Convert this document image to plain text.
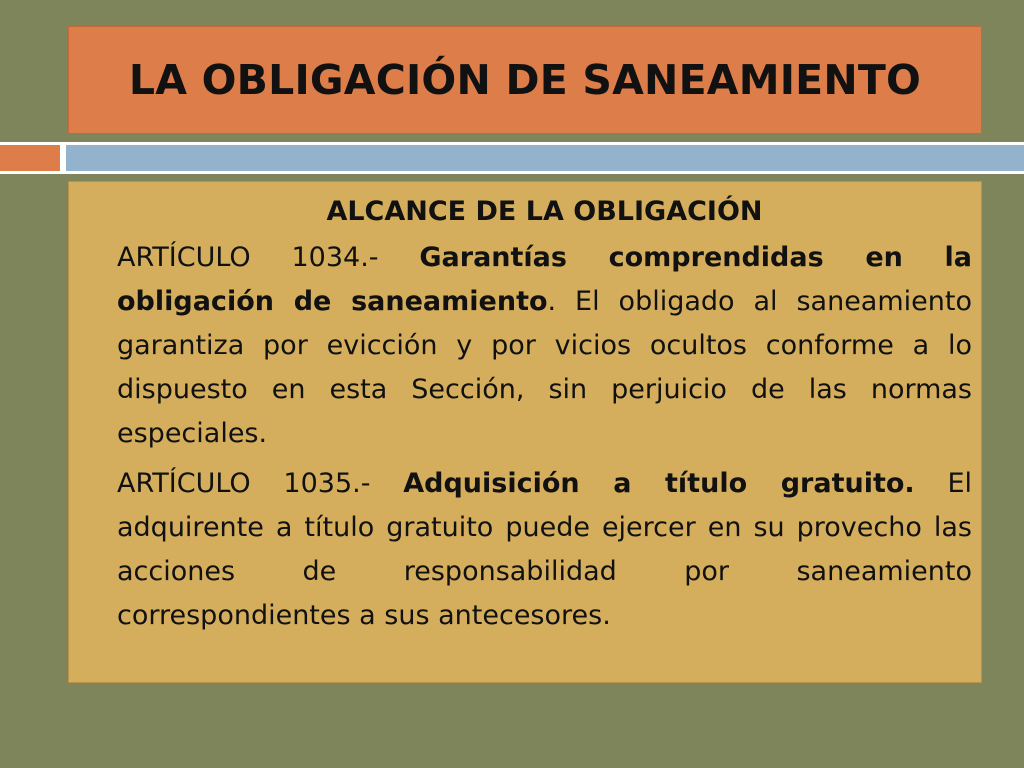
LA OBLIGACIÓN DE SANEAMIENTO
ALCANCE DE LA OBLIGACIÓN

ARTÍCULO 1034.- Garantías comprendidas en la obligación de saneamiento. El obligado al saneamiento garantiza por evicción y por vicios ocultos conforme a lo dispuesto en esta Sección, sin perjuicio de las normas especiales.

ARTÍCULO 1035.- Adquisición a título gratuito. El adquirente a título gratuito puede ejercer en su provecho las acciones de responsabilidad por saneamiento correspondientes a sus antecesores.
